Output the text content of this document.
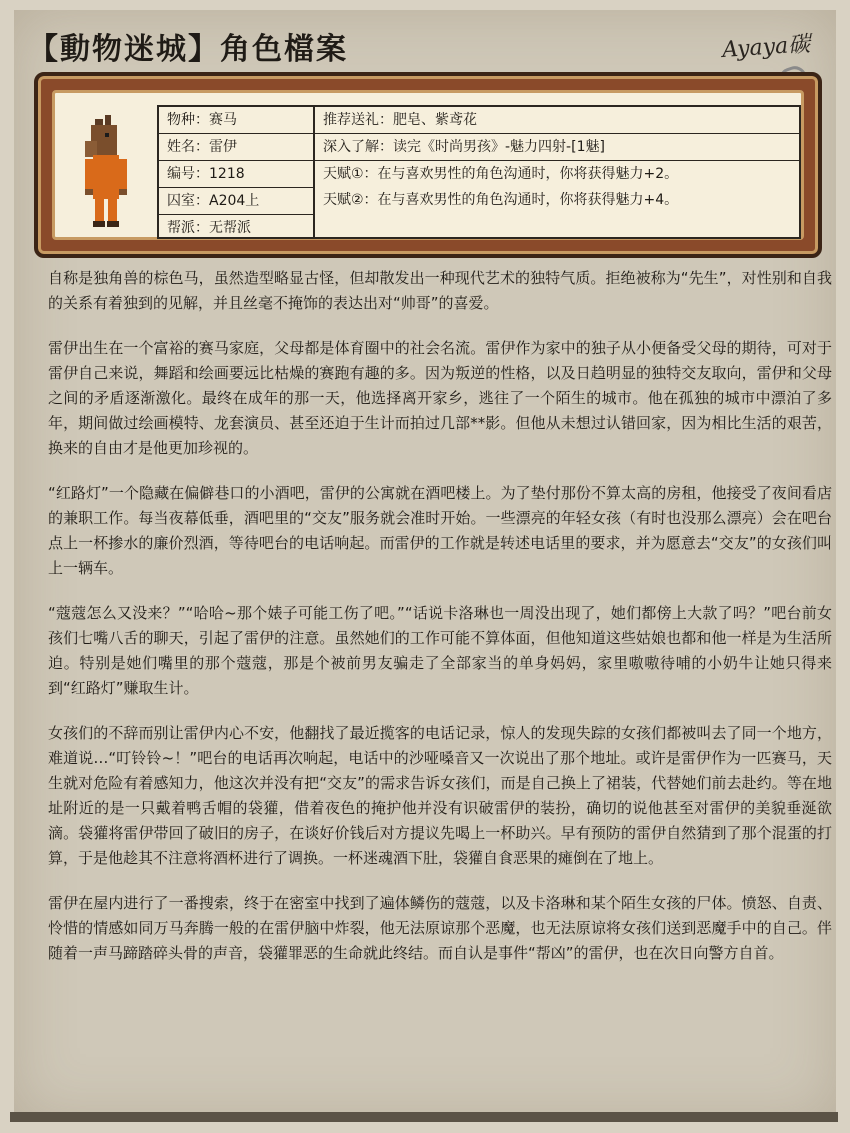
【動物迷城】角色檔案	Ayaya碳
物种：赛马
姓名：雷伊
编号：1218
囚室：A204上
帮派：无帮派
推荐送礼：肥皂、紫鸢花
深入了解：读完《时尚男孩》-魅力四射-[1魅]
天赋①：在与喜欢男性的角色沟通时，你将获得魅力+2。
天赋②：在与喜欢男性的角色沟通时，你将获得魅力+4。

自称是独角兽的棕色马，虽然造型略显古怪，但却散发出一种现代艺术的独特气质。拒绝被称为“先生”，对性别和自我的关系有着独到的见解，并且丝毫不掩饰的表达出对“帅哥”的喜爱。

雷伊出生在一个富裕的赛马家庭，父母都是体育圈中的社会名流。雷伊作为家中的独子从小便备受父母的期待，可对于雷伊自己来说，舞蹈和绘画要远比枯燥的赛跑有趣的多。因为叛逆的性格，以及日趋明显的独特交友取向，雷伊和父母之间的矛盾逐渐激化。最终在成年的那一天，他选择离开家乡，逃往了一个陌生的城市。他在孤独的城市中漂泊了多年，期间做过绘画模特、龙套演员、甚至还迫于生计而拍过几部**影。但他从未想过认错回家，因为相比生活的艰苦，换来的自由才是他更加珍视的。

“红路灯”一个隐藏在偏僻巷口的小酒吧，雷伊的公寓就在酒吧楼上。为了垫付那份不算太高的房租，他接受了夜间看店的兼职工作。每当夜幕低垂，酒吧里的“交友”服务就会准时开始。一些漂亮的年轻女孩（有时也没那么漂亮）会在吧台点上一杯掺水的廉价烈酒，等待吧台的电话响起。而雷伊的工作就是转述电话里的要求，并为愿意去“交友”的女孩们叫上一辆车。

“蔻蔻怎么又没来？”“哈哈~那个婊子可能工伤了吧。”“话说卡洛琳也一周没出现了，她们都傍上大款了吗？”吧台前女孩们七嘴八舌的聊天，引起了雷伊的注意。虽然她们的工作可能不算体面，但他知道这些姑娘也都和他一样是为生活所迫。特别是她们嘴里的那个蔻蔻，那是个被前男友骗走了全部家当的单身妈妈，家里嗷嗷待哺的小奶牛让她只得来到“红路灯”赚取生计。

女孩们的不辞而别让雷伊内心不安，他翻找了最近揽客的电话记录，惊人的发现失踪的女孩们都被叫去了同一个地方，难道说…“叮铃铃~！”吧台的电话再次响起，电话中的沙哑嗓音又一次说出了那个地址。或许是雷伊作为一匹赛马，天生就对危险有着感知力，他这次并没有把“交友”的需求告诉女孩们，而是自己换上了裙装，代替她们前去赴约。等在地址附近的是一只戴着鸭舌帽的袋獾，借着夜色的掩护他并没有识破雷伊的装扮，确切的说他甚至对雷伊的美貌垂涎欲滴。袋獾将雷伊带回了破旧的房子，在谈好价钱后对方提议先喝上一杯助兴。早有预防的雷伊自然猜到了那个混蛋的打算，于是他趁其不注意将酒杯进行了调换。一杯迷魂酒下肚，袋獾自食恶果的瘫倒在了地上。

雷伊在屋内进行了一番搜索，终于在密室中找到了遍体鳞伤的蔻蔻，以及卡洛琳和某个陌生女孩的尸体。愤怒、自责、怜惜的情感如同万马奔腾一般的在雷伊脑中炸裂，他无法原谅那个恶魔，也无法原谅将女孩们送到恶魔手中的自己。伴随着一声马蹄踏碎头骨的声音，袋獾罪恶的生命就此终结。而自认是事件“帮凶”的雷伊，也在次日向警方自首。
